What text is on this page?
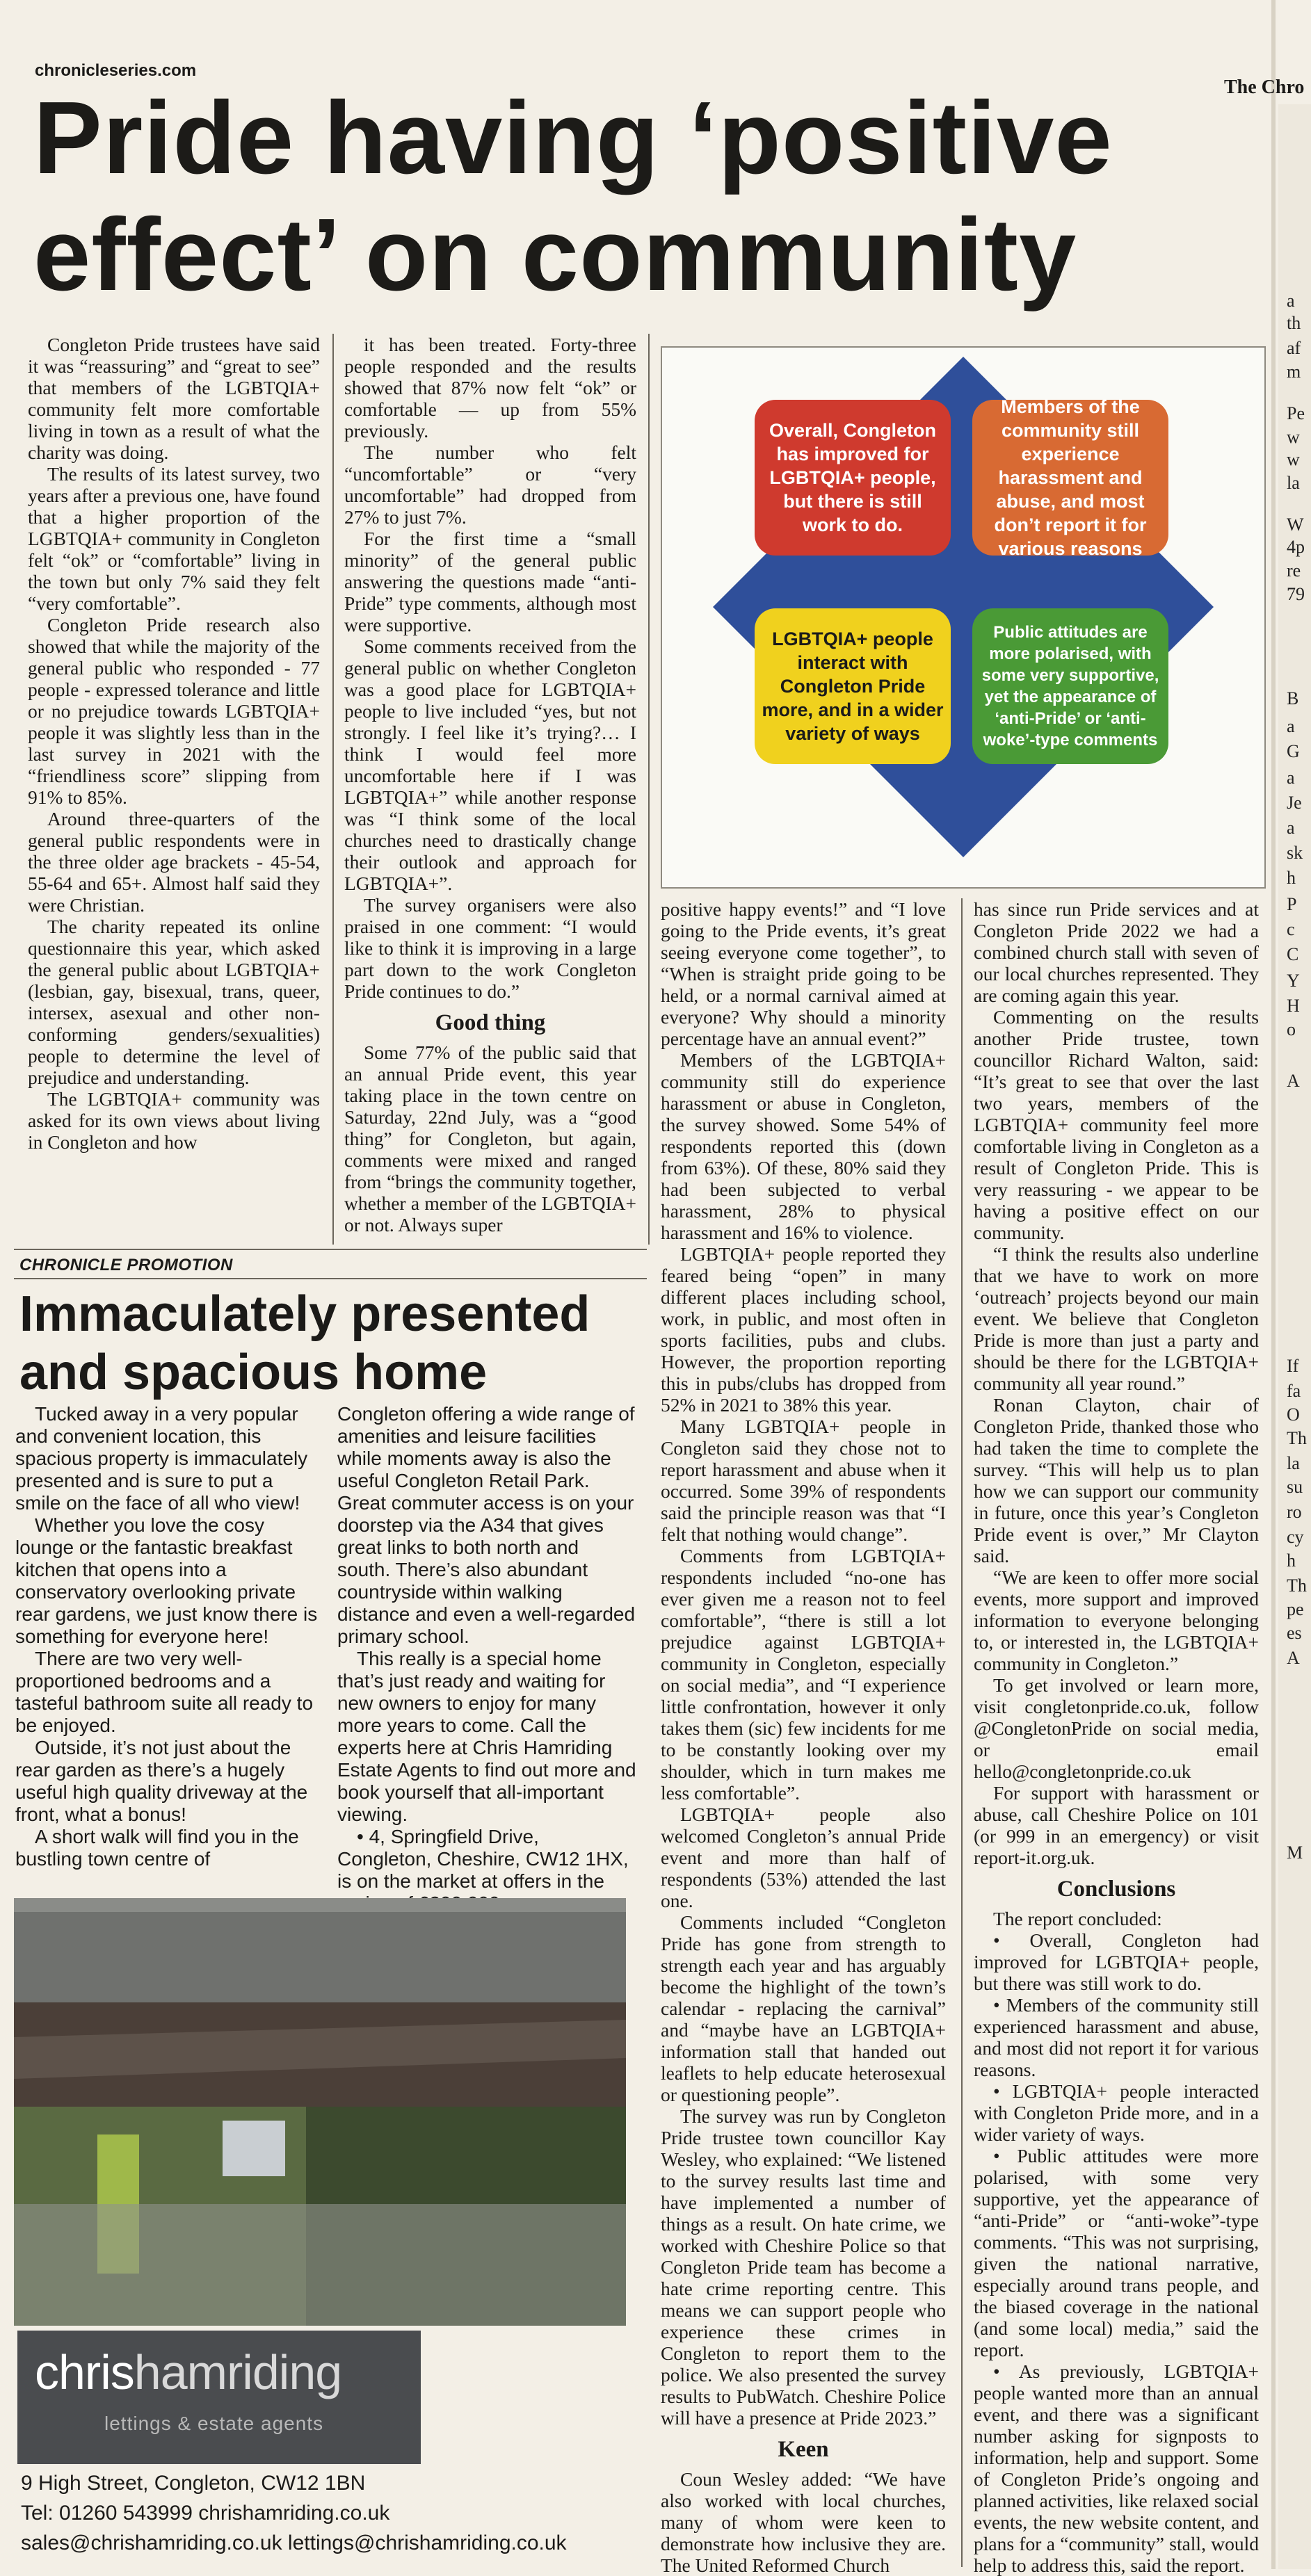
chronicleseries.com
The Chro
Pride having ‘positive effect’ on community

Congleton Pride trustees have said it was “reassuring” and “great to see” that members of the LGBTQIA+ community felt more comfortable living in town as a result of what the charity was doing.

The results of its latest survey, two years after a previous one, have found that a higher proportion of the LGBTQIA+ community in Congleton felt “ok” or “comfortable” living in the town but only 7% said they felt “very comfortable”.

Congleton Pride research also showed that while the majority of the general public who responded - 77 people - expressed tolerance and little or no prejudice towards LGBTQIA+ people it was slightly less than in the last survey in 2021 with the “friendliness score” slipping from 91% to 85%.

Around three-quarters of the general public respondents were in the three older age brackets - 45-54, 55-64 and 65+. Almost half said they were Christian.

The charity repeated its online questionnaire this year, which asked the general public about LGBTQIA+ (lesbian, gay, bisexual, trans, queer, intersex, asexual and other non-conforming genders/sexualities) people to determine the level of prejudice and understanding.

The LGBTQIA+ community was asked for its own views about living in Congleton and how

it has been treated. Forty-three people responded and the results showed that 87% now felt “ok” or comfortable — up from 55% previously.

The number who felt “uncomfortable” or “very uncomfortable” had dropped from 27% to just 7%.

For the first time a “small minority” of the general public answering the questions made “anti-Pride” type comments, although most were supportive.

Some comments received from the general public on whether Congleton was a good place for LGBTQIA+ people to live included “yes, but not strongly. I feel like it’s trying?… I think I would feel more uncomfortable here if I was LGBTQIA+” while another response was “I think some of the local churches need to drastically change their outlook and approach for LGBTQIA+”.

The survey organisers were also praised in one comment: “I would like to think it is improving in a large part down to the work Congleton Pride continues to do.”

Good thing

Some 77% of the public said that an annual Pride event, this year taking place in the town centre on Saturday, 22nd July, was a “good thing” for Congleton, but again, comments were mixed and ranged from “brings the community together, whether a member of the LGBTQIA+ or not. Always super

Overall, Congleton has improved for LGBTQIA+ people, but there is still work to do.
Members of the community still experience harassment and abuse, and most don’t report it for various reasons
LGBTQIA+ people interact with Congleton Pride more, and in a wider variety of ways
Public attitudes are more polarised, with some very supportive, yet the appearance of ‘anti-Pride’ or ‘anti-woke’-type comments

positive happy events!” and “I love going to the Pride events, it’s great seeing everyone come together”, to “When is straight pride going to be held, or a normal carnival aimed at everyone? Why should a minority percentage have an annual event?”

Members of the LGBTQIA+ community still do experience harassment or abuse in Congleton, the survey showed. Some 54% of respondents reported this (down from 63%). Of these, 80% said they had been subjected to verbal harassment, 28% to physical harassment and 16% to violence.

LGBTQIA+ people reported they feared being “open” in many different places including school, work, in public, and most often in sports facilities, pubs and clubs. However, the proportion reporting this in pubs/clubs has dropped from 52% in 2021 to 38% this year.

Many LGBTQIA+ people in Congleton said they chose not to report harassment and abuse when it occurred. Some 39% of respondents said the principle reason was that “I felt that nothing would change”.

Comments from LGBTQIA+ respondents included “no-one has ever given me a reason not to feel comfortable”, “there is still a lot prejudice against LGBTQIA+ community in Congleton, especially on social media”, and “I experience little confrontation, however it only takes them (sic) few incidents for me to be constantly looking over my shoulder, which in turn makes me less comfortable”.

LGBTQIA+ people also welcomed Congleton’s annual Pride event and more than half of respondents (53%) attended the last one.

Comments included “Congleton Pride has gone from strength to strength each year and has arguably become the highlight of the town’s calendar - replacing the carnival” and “maybe have an LGBTQIA+ information stall that handed out leaflets to help educate heterosexual or questioning people”.

The survey was run by Congleton Pride trustee town councillor Kay Wesley, who explained: “We listened to the survey results last time and have implemented a number of things as a result. On hate crime, we worked with Cheshire Police so that Congleton Pride team has become a hate crime reporting centre. This means we can support people who experience these crimes in Congleton to report them to the police. We also presented the survey results to PubWatch. Cheshire Police will have a presence at Pride 2023.”

Keen

Coun Wesley added: “We have also worked with local churches, many of whom were keen to demonstrate how inclusive they are. The United Reformed Church

has since run Pride services and at Congleton Pride 2022 we had a combined church stall with seven of our local churches represented. They are coming again this year.

Commenting on the results another Pride trustee, town councillor Richard Walton, said: “It’s great to see that over the last two years, members of the LGBTQIA+ community feel more comfortable living in Congleton as a result of Congleton Pride. This is very reassuring - we appear to be having a positive effect on our community.

“I think the results also underline that we have to work on more ‘outreach’ projects beyond our main event. We believe that Congleton Pride is more than just a party and should be there for the LGBTQIA+ community all year round.”

Ronan Clayton, chair of Congleton Pride, thanked those who had taken the time to complete the survey. “This will help us to plan how we can support our community in future, once this year’s Congleton Pride event is over,” Mr Clayton said.

“We are keen to offer more social events, more support and improved information to everyone belonging to, or interested in, the LGBTQIA+ community in Congleton.”

To get involved or learn more, visit congletonpride.co.uk, follow @CongletonPride on social media, or email hello@congletonpride.co.uk

For support with harassment or abuse, call Cheshire Police on 101 (or 999 in an emergency) or visit report-it.org.uk.

Conclusions

The report concluded:

• Overall, Congleton had improved for LGBTQIA+ people, but there was still work to do.

• Members of the community still experienced harassment and abuse, and most did not report it for various reasons.

• LGBTQIA+ people interacted with Congleton Pride more, and in a wider variety of ways.

• Public attitudes were more polarised, with some very supportive, yet the appearance of “anti-Pride” or “anti-woke”-type comments. “This was not surprising, given the national narrative, especially around trans people, and the biased coverage in the national (and some local) media,” said the report.

• As previously, LGBTQIA+ people wanted more than an annual event, and there was a significant number asking for signposts to information, help and support. Some of Congleton Pride’s ongoing and planned activities, like relaxed social events, the new website content, and plans for a “community” stall, would help to address this, said the report.

CHRONICLE PROMOTION
Immaculately presented and spacious home

Tucked away in a very popular and convenient location, this spacious property is immaculately presented and is sure to put a smile on the face of all who view!

Whether you love the cosy lounge or the fantastic breakfast kitchen that opens into a conservatory overlooking private rear gardens, we just know there is something for everyone here!

There are two very well-proportioned bedrooms and a tasteful bathroom suite all ready to be enjoyed.

Outside, it’s not just about the rear garden as there’s a hugely useful high quality driveway at the front, what a bonus!

A short walk will find you in the bustling town centre of

Congleton offering a wide range of amenities and leisure facilities while moments away is also the useful Congleton Retail Park. Great commuter access is on your doorstep via the A34 that gives great links to both north and south. There’s also abundant countryside within walking distance and even a well-regarded primary school.

This really is a special home that’s just ready and waiting for new owners to enjoy for many more years to come. Call the experts here at Chris Hamriding Estate Agents to find out more and book yourself that all-important viewing.

• 4, Springfield Drive, Congleton, Cheshire, CW12 1HX, is on the market at offers in the

chrishamriding
lettings & estate agents
9 High Street, Congleton, CW12 1BN
Tel: 01260 543999 chrishamriding.co.uk
sales@chrishamriding.co.uk lettings@chrishamriding.co.uk
a
th
af
m
Pe
w
w
la
W
4p
re
79
B
a
G
a
Je
a
sk
h
P
c
C
Y
H
o
A
If
fa
O
Th
la
su
ro
cy
h
Th
pe
es
A
M
